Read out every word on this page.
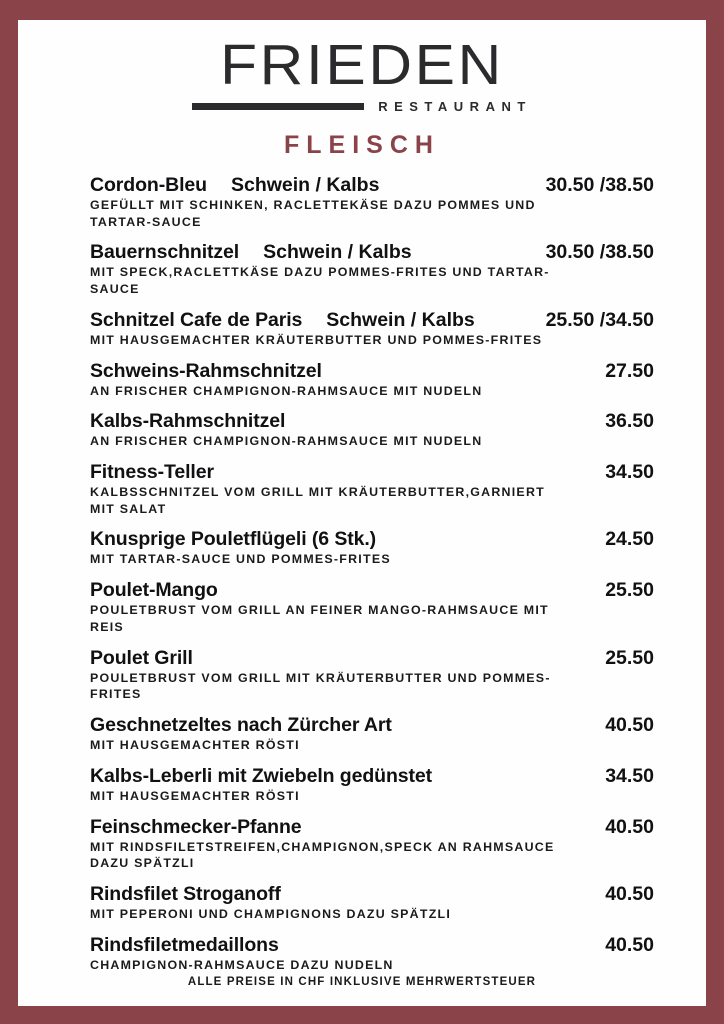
FRIEDEN
RESTAURANT
FLEISCH
Cordon-Bleu Schwein / Kalbs	30.50 /38.50
GEFÜLLT MIT SCHINKEN, RACLETTEKÄSE DAZU POMMES UND TARTAR-SAUCE
Bauernschnitzel Schwein / Kalbs	30.50 /38.50
MIT SPECK,RACLETTKÄSE DAZU POMMES-FRITES UND TARTAR-SAUCE
Schnitzel Cafe de Paris Schwein / Kalbs	25.50 /34.50
MIT HAUSGEMACHTER KRÄUTERBUTTER UND POMMES-FRITES
Schweins-Rahmschnitzel	27.50
AN FRISCHER CHAMPIGNON-RAHMSAUCE MIT NUDELN
Kalbs-Rahmschnitzel	36.50
AN FRISCHER CHAMPIGNON-RAHMSAUCE MIT NUDELN
Fitness-Teller	34.50
KALBSSCHNITZEL VOM GRILL MIT KRÄUTERBUTTER,GARNIERT MIT SALAT
Knusprige Pouletflügeli (6 Stk.)	24.50
MIT TARTAR-SAUCE UND POMMES-FRITES
Poulet-Mango	25.50
POULETBRUST VOM GRILL AN FEINER MANGO-RAHMSAUCE MIT REIS
Poulet Grill	25.50
POULETBRUST VOM GRILL MIT KRÄUTERBUTTER UND POMMES-FRITES
Geschnetzeltes nach Zürcher Art	40.50
MIT HAUSGEMACHTER RÖSTI
Kalbs-Leberli mit Zwiebeln gedünstet	34.50
MIT HAUSGEMACHTER RÖSTI
Feinschmecker-Pfanne	40.50
MIT RINDSFILETSTREIFEN,CHAMPIGNON,SPECK AN RAHMSAUCE DAZU SPÄTZLI
Rindsfilet Stroganoff	40.50
MIT PEPERONI UND CHAMPIGNONS DAZU SPÄTZLI
Rindsfiletmedaillons	40.50
CHAMPIGNON-RAHMSAUCE DAZU NUDELN
ALLE PREISE IN CHF INKLUSIVE MEHRWERTSTEUER
